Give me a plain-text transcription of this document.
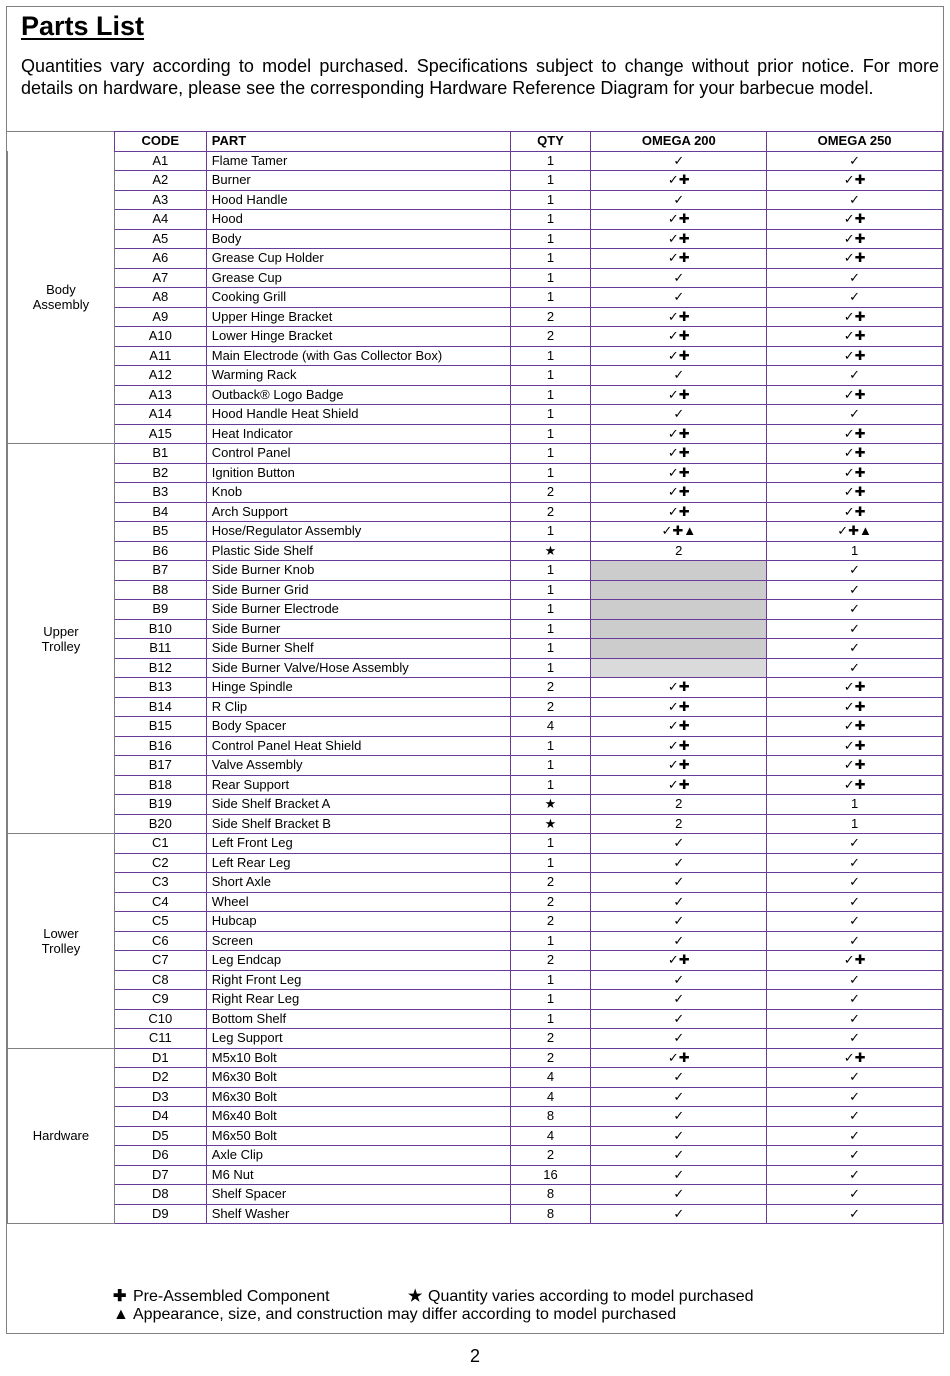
Parts List

Quantities vary according to model purchased. Specifications subject to change without prior notice. For more details on hardware, please see the corresponding Hardware Reference Diagram for your barbecue model.

	CODE	PART	QTY	OMEGA 200	OMEGA 250
Body
Assembly	A1	Flame Tamer	1	✓	✓
	A2	Burner	1	✓✚	✓✚
	A3	Hood Handle	1	✓	✓
	A4	Hood	1	✓✚	✓✚
	A5	Body	1	✓✚	✓✚
	A6	Grease Cup Holder	1	✓✚	✓✚
	A7	Grease Cup	1	✓	✓
	A8	Cooking Grill	1	✓	✓
	A9	Upper Hinge Bracket	2	✓✚	✓✚
	A10	Lower Hinge Bracket	2	✓✚	✓✚
	A11	Main Electrode (with Gas Collector Box)	1	✓✚	✓✚
	A12	Warming Rack	1	✓	✓
	A13	Outback® Logo Badge	1	✓✚	✓✚
	A14	Hood Handle Heat Shield	1	✓	✓
	A15	Heat Indicator	1	✓✚	✓✚
Upper
Trolley	B1	Control Panel	1	✓✚	✓✚
	B2	Ignition Button	1	✓✚	✓✚
	B3	Knob	2	✓✚	✓✚
	B4	Arch Support	2	✓✚	✓✚
	B5	Hose/Regulator Assembly	1	✓✚▲	✓✚▲
	B6	Plastic Side Shelf	★	2	1
	B7	Side Burner Knob	1		✓
	B8	Side Burner Grid	1		✓
	B9	Side Burner Electrode	1		✓
	B10	Side Burner	1		✓
	B11	Side Burner Shelf	1		✓
	B12	Side Burner Valve/Hose Assembly	1		✓
	B13	Hinge Spindle	2	✓✚	✓✚
	B14	R Clip	2	✓✚	✓✚
	B15	Body Spacer	4	✓✚	✓✚
	B16	Control Panel Heat Shield	1	✓✚	✓✚
	B17	Valve Assembly	1	✓✚	✓✚
	B18	Rear Support	1	✓✚	✓✚
	B19	Side Shelf Bracket A	★	2	1
	B20	Side Shelf Bracket B	★	2	1
Lower
Trolley	C1	Left Front Leg	1	✓	✓
	C2	Left Rear Leg	1	✓	✓
	C3	Short Axle	2	✓	✓
	C4	Wheel	2	✓	✓
	C5	Hubcap	2	✓	✓
	C6	Screen	1	✓	✓
	C7	Leg Endcap	2	✓✚	✓✚
	C8	Right Front Leg	1	✓	✓
	C9	Right Rear Leg	1	✓	✓
	C10	Bottom Shelf	1	✓	✓
	C11	Leg Support	2	✓	✓
Hardware	D1	M5x10 Bolt	2	✓✚	✓✚
	D2	M6x30 Bolt	4	✓	✓
	D3	M6x30 Bolt	4	✓	✓
	D4	M6x40 Bolt	8	✓	✓
	D5	M6x50 Bolt	4	✓	✓
	D6	Axle Clip	2	✓	✓
	D7	M6 Nut	16	✓	✓
	D8	Shelf Spacer	8	✓	✓
	D9	Shelf Washer	8	✓	✓
✚ Pre-Assembled Component	★ Quantity varies according to model purchased
▲ Appearance, size, and construction may differ according to model purchased
2
